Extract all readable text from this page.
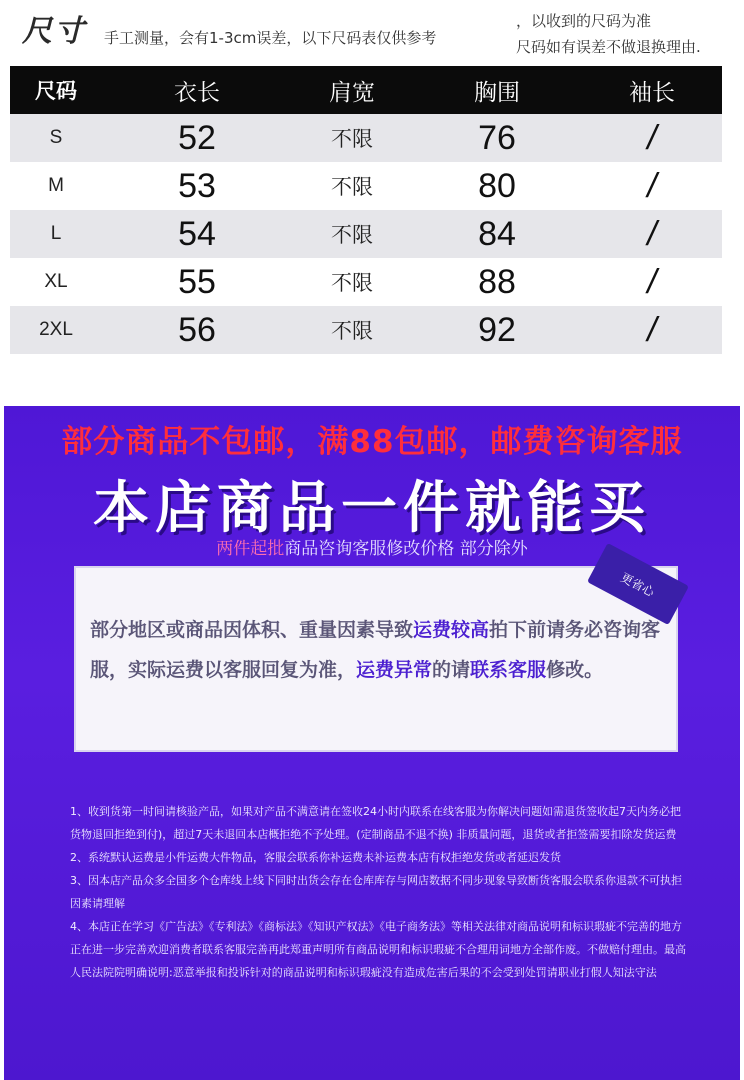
尺寸 手工测量，会有1-3cm误差，以下尺码表仅供参考
，以收到的尺码为准
尺码如有误差不做退换理由.
尺码	衣长	肩宽	胸围	袖长
S	52	不限	76	/
M	53	不限	80	/
L	54	不限	84	/
XL	55	不限	88	/
2XL	56	不限	92	/
部分商品不包邮，满88包邮，邮费咨询客服
本店商品一件就能买
两件起批商品咨询客服修改价格 部分除外
更省心
部分地区或商品因体积、重量因素导致运费较高拍下前请务必咨询客服，实际运费以客服回复为准，运费异常的请联系客服修改。

1、收到货第一时间请核验产品，如果对产品不满意请在签收24小时内联系在线客服为你解决问题如需退货签收起7天内务必把货物退回拒绝到付)，超过7天未退回本店概拒绝不予处理。(定制商品不退不换) 非质量问题，退货或者拒签需要扣除发货运费

2、系统默认运费是小件运费大件物品，客服会联系你补运费未补运费本店有权拒绝发货或者延迟发货

3、因本店产品众多全国多个仓库线上线下同时出货会存在仓库库存与网店数据不同步现象导致断货客服会联系你退款不可执拒因素请理解

4、本店正在学习《广告法》《专利法》《商标法》《知识产权法》《电子商务法》等相关法律对商品说明和标识瑕疵不完善的地方正在进一步完善欢迎消费者联系客服完善再此郑重声明所有商品说明和标识瑕疵不合理用词地方全部作废。不做赔付理由。最高人民法院院明确说明:恶意举报和投诉针对的商品说明和标识瑕疵没有造成危害后果的不会受到处罚请职业打假人知法守法
